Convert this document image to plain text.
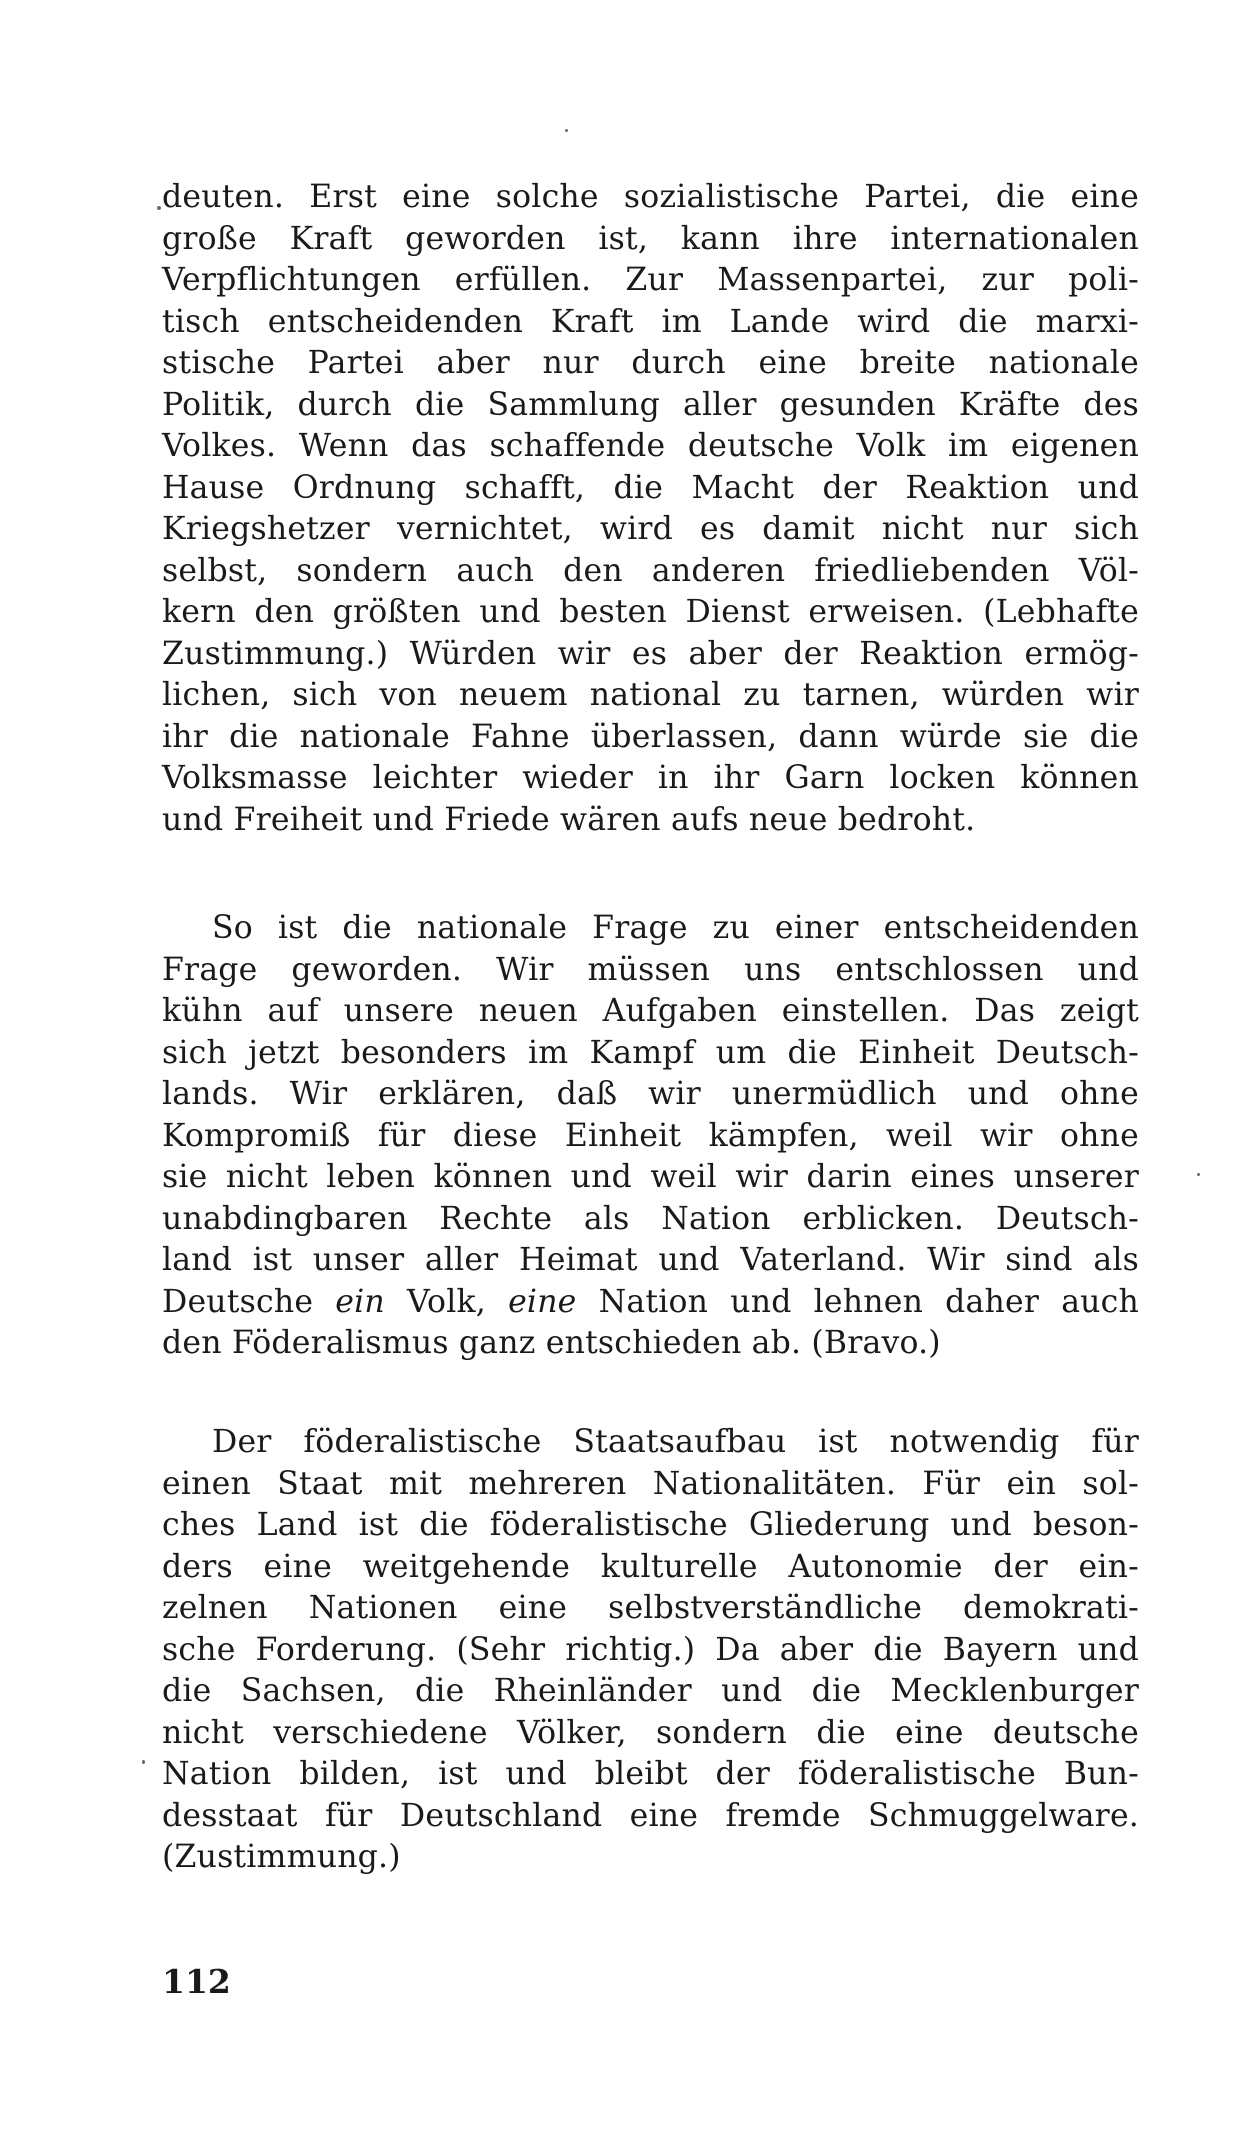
deuten. Erst eine solche sozialistische Partei, die eine
große Kraft geworden ist, kann ihre internationalen
Verpflichtungen erfüllen. Zur Massenpartei, zur poli-
tisch entscheidenden Kraft im Lande wird die marxi-
stische Partei aber nur durch eine breite nationale
Politik, durch die Sammlung aller gesunden Kräfte des
Volkes. Wenn das schaffende deutsche Volk im eigenen
Hause Ordnung schafft, die Macht der Reaktion und
Kriegshetzer vernichtet, wird es damit nicht nur sich
selbst, sondern auch den anderen friedliebenden Völ-
kern den größten und besten Dienst erweisen. (Lebhafte
Zustimmung.) Würden wir es aber der Reaktion ermög-
lichen, sich von neuem national zu tarnen, würden wir
ihr die nationale Fahne überlassen, dann würde sie die
Volksmasse leichter wieder in ihr Garn locken können
und Freiheit und Friede wären aufs neue bedroht.
So ist die nationale Frage zu einer entscheidenden
Frage geworden. Wir müssen uns entschlossen und
kühn auf unsere neuen Aufgaben einstellen. Das zeigt
sich jetzt besonders im Kampf um die Einheit Deutsch-
lands. Wir erklären, daß wir unermüdlich und ohne
Kompromiß für diese Einheit kämpfen, weil wir ohne
sie nicht leben können und weil wir darin eines unserer
unabdingbaren Rechte als Nation erblicken. Deutsch-
land ist unser aller Heimat und Vaterland. Wir sind als
Deutsche ein Volk, eine Nation und lehnen daher auch
den Föderalismus ganz entschieden ab. (Bravo.)
Der föderalistische Staatsaufbau ist notwendig für
einen Staat mit mehreren Nationalitäten. Für ein sol-
ches Land ist die föderalistische Gliederung und beson-
ders eine weitgehende kulturelle Autonomie der ein-
zelnen Nationen eine selbstverständliche demokrati-
sche Forderung. (Sehr richtig.) Da aber die Bayern und
die Sachsen, die Rheinländer und die Mecklenburger
nicht verschiedene Völker, sondern die eine deutsche
Nation bilden, ist und bleibt der föderalistische Bun-
desstaat für Deutschland eine fremde Schmuggelware.
(Zustimmung.)
112
